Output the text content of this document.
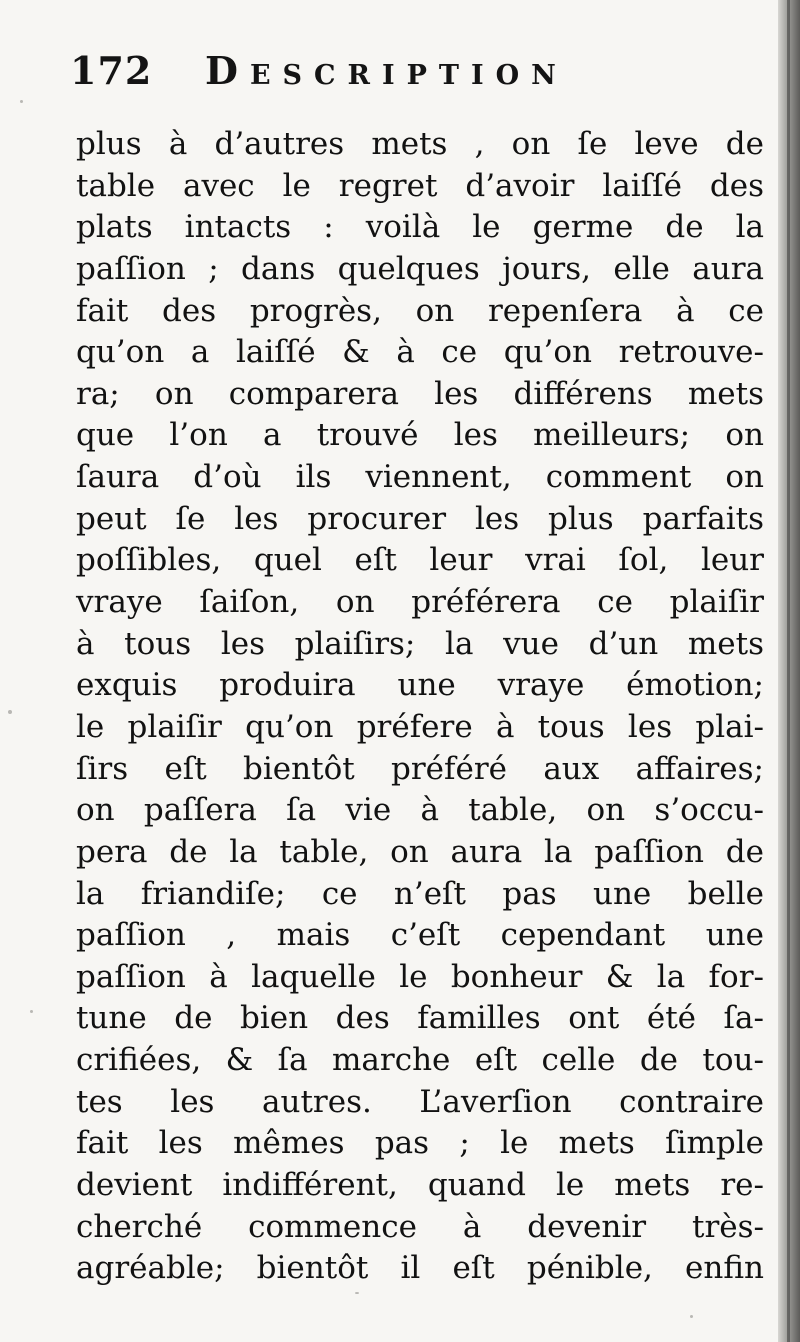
172 Description
plus à d’autres mets , on ſe leve de
table avec le regret d’avoir laiſſé des
plats intacts : voilà le germe de la
paſſion ; dans quelques jours, elle aura
fait des progrès, on repenſera à ce
qu’on a laiſſé & à ce qu’on retrouve-
ra; on comparera les différens mets
que l’on a trouvé les meilleurs; on
ſaura d’où ils viennent, comment on
peut ſe les procurer les plus parfaits
poſſibles, quel eſt leur vrai ſol, leur
vraye ſaiſon, on préférera ce plaiſir
à tous les plaiſirs; la vue d’un mets
exquis produira une vraye émotion;
le plaiſir qu’on préfere à tous les plai-
ſirs eſt bientôt préféré aux affaires;
on paſſera ſa vie à table, on s’occu-
pera de la table, on aura la paſſion de
la friandiſe; ce n’eſt pas une belle
paſſion , mais c’eſt cependant une
paſſion à laquelle le bonheur & la for-
tune de bien des familles ont été ſa-
crifiées, & ſa marche eſt celle de tou-
tes les autres. L’averſion contraire
fait les mêmes pas ; le mets ſimple
devient indifférent, quand le mets re-
cherché commence à devenir très-
agréable; bientôt il eſt pénible, enfin
